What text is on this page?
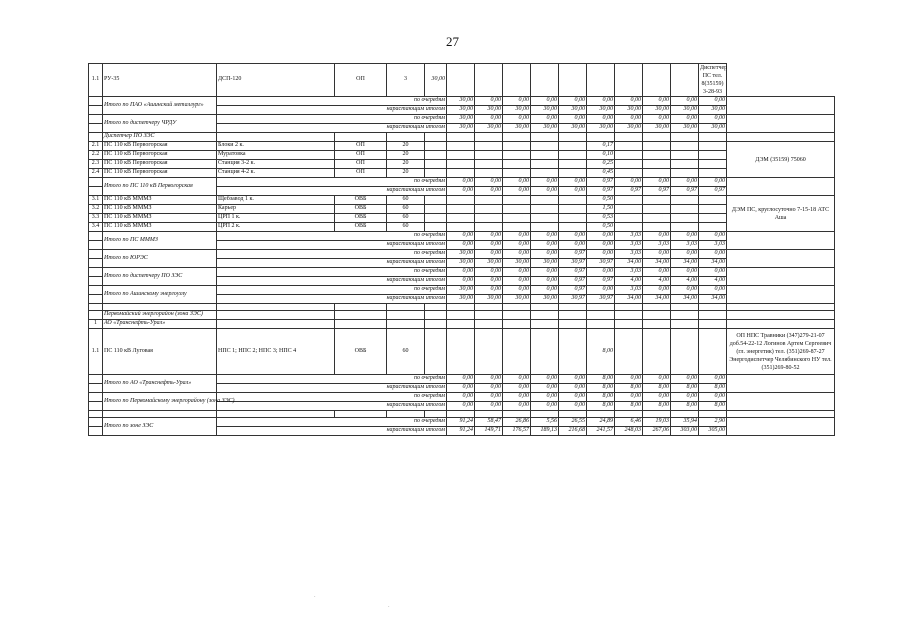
27
1.1	РУ-35	ДСП-120	ОП	3	30,00										Диспетчер ПС тел. 8(35159) 3-28-93	
	Итого по ПАО «Ашинский металлург»	по очередям				30,00	0,00	0,00	0,00	0,00	0,00	0,00	0,00	0,00	0,00	
		нарастающим итогом				30,00	30,00	30,00	30,00	30,00	30,00	30,00	30,00	30,00	30,00	
	Итого по диспетчеру ЧРДУ	по очередям				30,00	0,00	0,00	0,00	0,00	0,00	0,00	0,00	0,00	0,00	
		нарастающим итогом				30,00	30,00	30,00	30,00	30,00	30,00	30,00	30,00	30,00	30,00	
	Диспетчер ПО ЗЭС															
2.1	ПС 110 кВ Первогорская	Блоки 2 к.	ОП	20							0,17					ДЭМ (35159) 75060
2.2	ПС 110 кВ Первогорская	Муратовка	ОП	20							0,10					
2.3	ПС 110 кВ Первогорская	Станция 3-2 к.	ОП	20							0,25					
2.4	ПС 110 кВ Первогорская	Станция 4-2 к.	ОП	20							0,45					
	Итого по ПС 110 кВ Первогорская	по очередям				0,00	0,00	0,00	0,00	0,00	0,97	0,00	0,00	0,00	0,00	
		нарастающим итогом				0,00	0,00	0,00	0,00	0,00	0,97	0,97	0,97	0,97	0,97	
3.1	ПС 110 кВ МММЗ	Щебзавод 1 к.	ОВБ	60							0,50					ДЭМ ПС, круглосуточно 7-15-18 АТС Аша
3.2	ПС 110 кВ МММЗ	Карьер	ОВБ	60							1,50					
3.3	ПС 110 кВ МММЗ	ЦРП 1 к.	ОВБ	60							0,53					
3.4	ПС 110 кВ МММЗ	ЦРП 2 к.	ОВБ	60							0,50					
	Итого по ПС МММЗ	по очередям				0,00	0,00	0,00	0,00	0,00	0,00	3,03	0,00	0,00	0,00	
		нарастающим итогом				0,00	0,00	0,00	0,00	0,00	0,00	3,03	3,03	3,03	3,03	
	Итого по ЮРЭС	по очередям				30,00	0,00	0,00	0,00	0,97	0,00	3,03	0,00	0,00	0,00	
		нарастающим итогом				30,00	30,00	30,00	30,00	30,97	30,97	34,00	34,00	34,00	34,00	
	Итого по диспетчеру ПО ЗЭС	по очередям				0,00	0,00	0,00	0,00	0,97	0,00	3,03	0,00	0,00	0,00	
		нарастающим итогом				0,00	0,00	0,00	0,00	0,97	0,97	4,00	4,00	4,00	4,00	
	Итого по Ашинскому энергоузлу	по очередям				30,00	0,00	0,00	0,00	0,97	0,00	3,03	0,00	0,00	0,00	
		нарастающим итогом				30,00	30,00	30,00	30,00	30,97	30,97	34,00	34,00	34,00	34,00	

	Первомайский энергорайон (зона ЗЭС)															
1	АО «Транснефть-Урал»															
1.1	ПС 110 кВ Луговая	НПС 1; НПС 2; НПС 3; НПС 4	ОВБ	60							8,00					ОП НПС Травники (347)279-21-07 доб.54-22-12 Логинов Артем Сергеевич (гл. энергетик) тел. (351)269-87-27 Энергодиспетчер Челябинского НУ тел. (351)269-80-52
	Итого по АО «Транснефть-Урал»	по очередям				0,00	0,00	0,00	0,00	0,00	8,00	0,00	0,00	0,00	0,00	
		нарастающим итогом				0,00	0,00	0,00	0,00	0,00	8,00	8,00	8,00	8,00	8,00	
	Итого по Первомайскому энергорайону (зона ЗЭС)	по очередям				0,00	0,00	0,00	0,00	0,00	8,00	0,00	0,00	0,00	0,00	
		нарастающим итогом				0,00	0,00	0,00	0,00	0,00	8,00	8,00	8,00	8,00	8,00	

	Итого по зоне ЗЭС	по очередям				91,24	58,47	26,86	5,56	26,55	24,89	6,46	19,03	35,94	2,90	
		нарастающим итогом				91,24	149,71	176,57	189,13	216,68	241,57	248,03	267,06	303,00	305,00	
·
·
